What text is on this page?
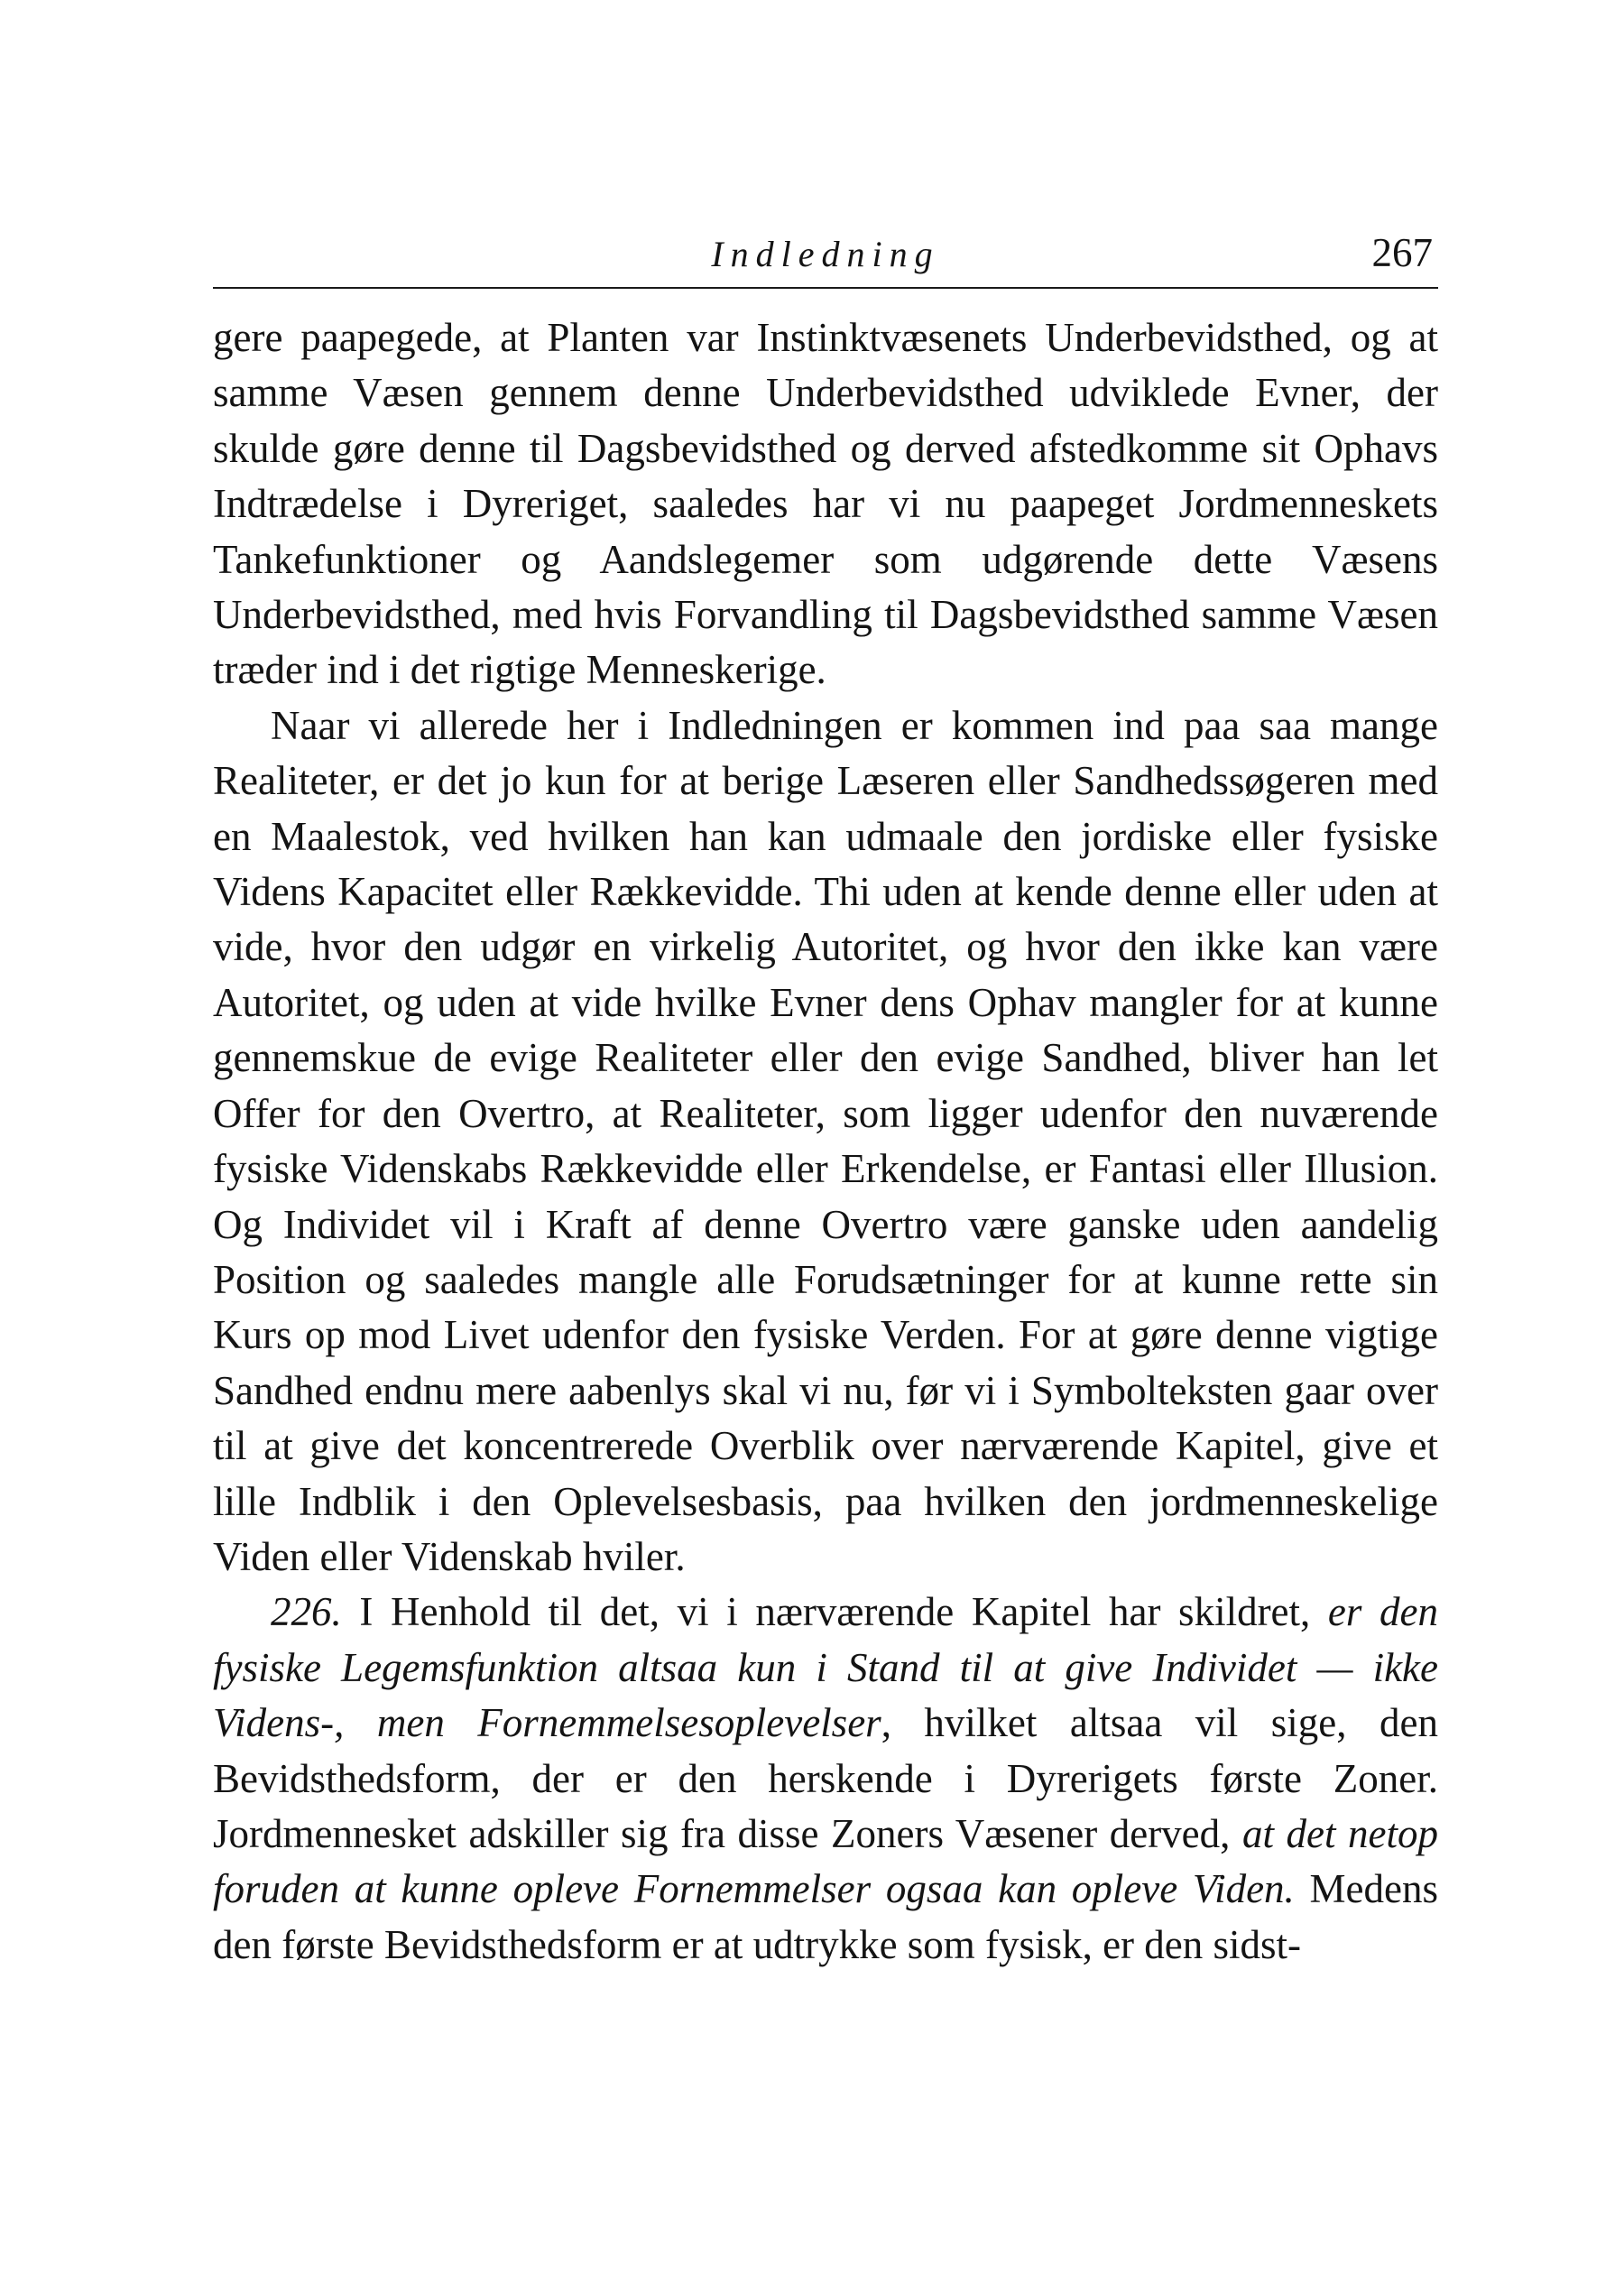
Indledning	267

gere paapegede, at Planten var Instinktvæsenets Underbevidsthed, og at samme Væsen gennem denne Underbevidsthed udviklede Evner, der skulde gøre denne til Dagsbevidsthed og derved afstedkomme sit Ophavs Indtrædelse i Dyreriget, saaledes har vi nu paapeget Jordmenneskets Tankefunktioner og Aandslegemer som udgørende dette Væsens Underbevidsthed, med hvis Forvandling til Dagsbevidsthed samme Væsen træder ind i det rigtige Menneskerige.

Naar vi allerede her i Indledningen er kommen ind paa saa mange Realiteter, er det jo kun for at berige Læseren eller Sandhedssøgeren med en Maalestok, ved hvilken han kan udmaale den jordiske eller fysiske Videns Kapacitet eller Rækkevidde. Thi uden at kende denne eller uden at vide, hvor den udgør en virkelig Autoritet, og hvor den ikke kan være Autoritet, og uden at vide hvilke Evner dens Ophav mangler for at kunne gennemskue de evige Realiteter eller den evige Sandhed, bliver han let Offer for den Overtro, at Realiteter, som ligger udenfor den nuværende fysiske Videnskabs Rækkevidde eller Erkendelse, er Fantasi eller Illusion. Og Individet vil i Kraft af denne Overtro være ganske uden aandelig Position og saaledes mangle alle Forudsætninger for at kunne rette sin Kurs op mod Livet udenfor den fysiske Verden. For at gøre denne vigtige Sandhed endnu mere aabenlys skal vi nu, før vi i Symbolteksten gaar over til at give det koncentrerede Overblik over nærværende Kapitel, give et lille Indblik i den Oplevelsesbasis, paa hvilken den jordmenneskelige Viden eller Videnskab hviler.

226. I Henhold til det, vi i nærværende Kapitel har skildret, er den fysiske Legemsfunktion altsaa kun i Stand til at give Individet — ikke Videns-, men Fornemmelsesoplevelser, hvilket altsaa vil sige, den Bevidsthedsform, der er den herskende i Dyrerigets første Zoner. Jordmennesket adskiller sig fra disse Zoners Væsener derved, at det netop foruden at kunne opleve Fornemmelser ogsaa kan opleve Viden. Medens den første Bevidsthedsform er at udtrykke som fysisk, er den sidst-
